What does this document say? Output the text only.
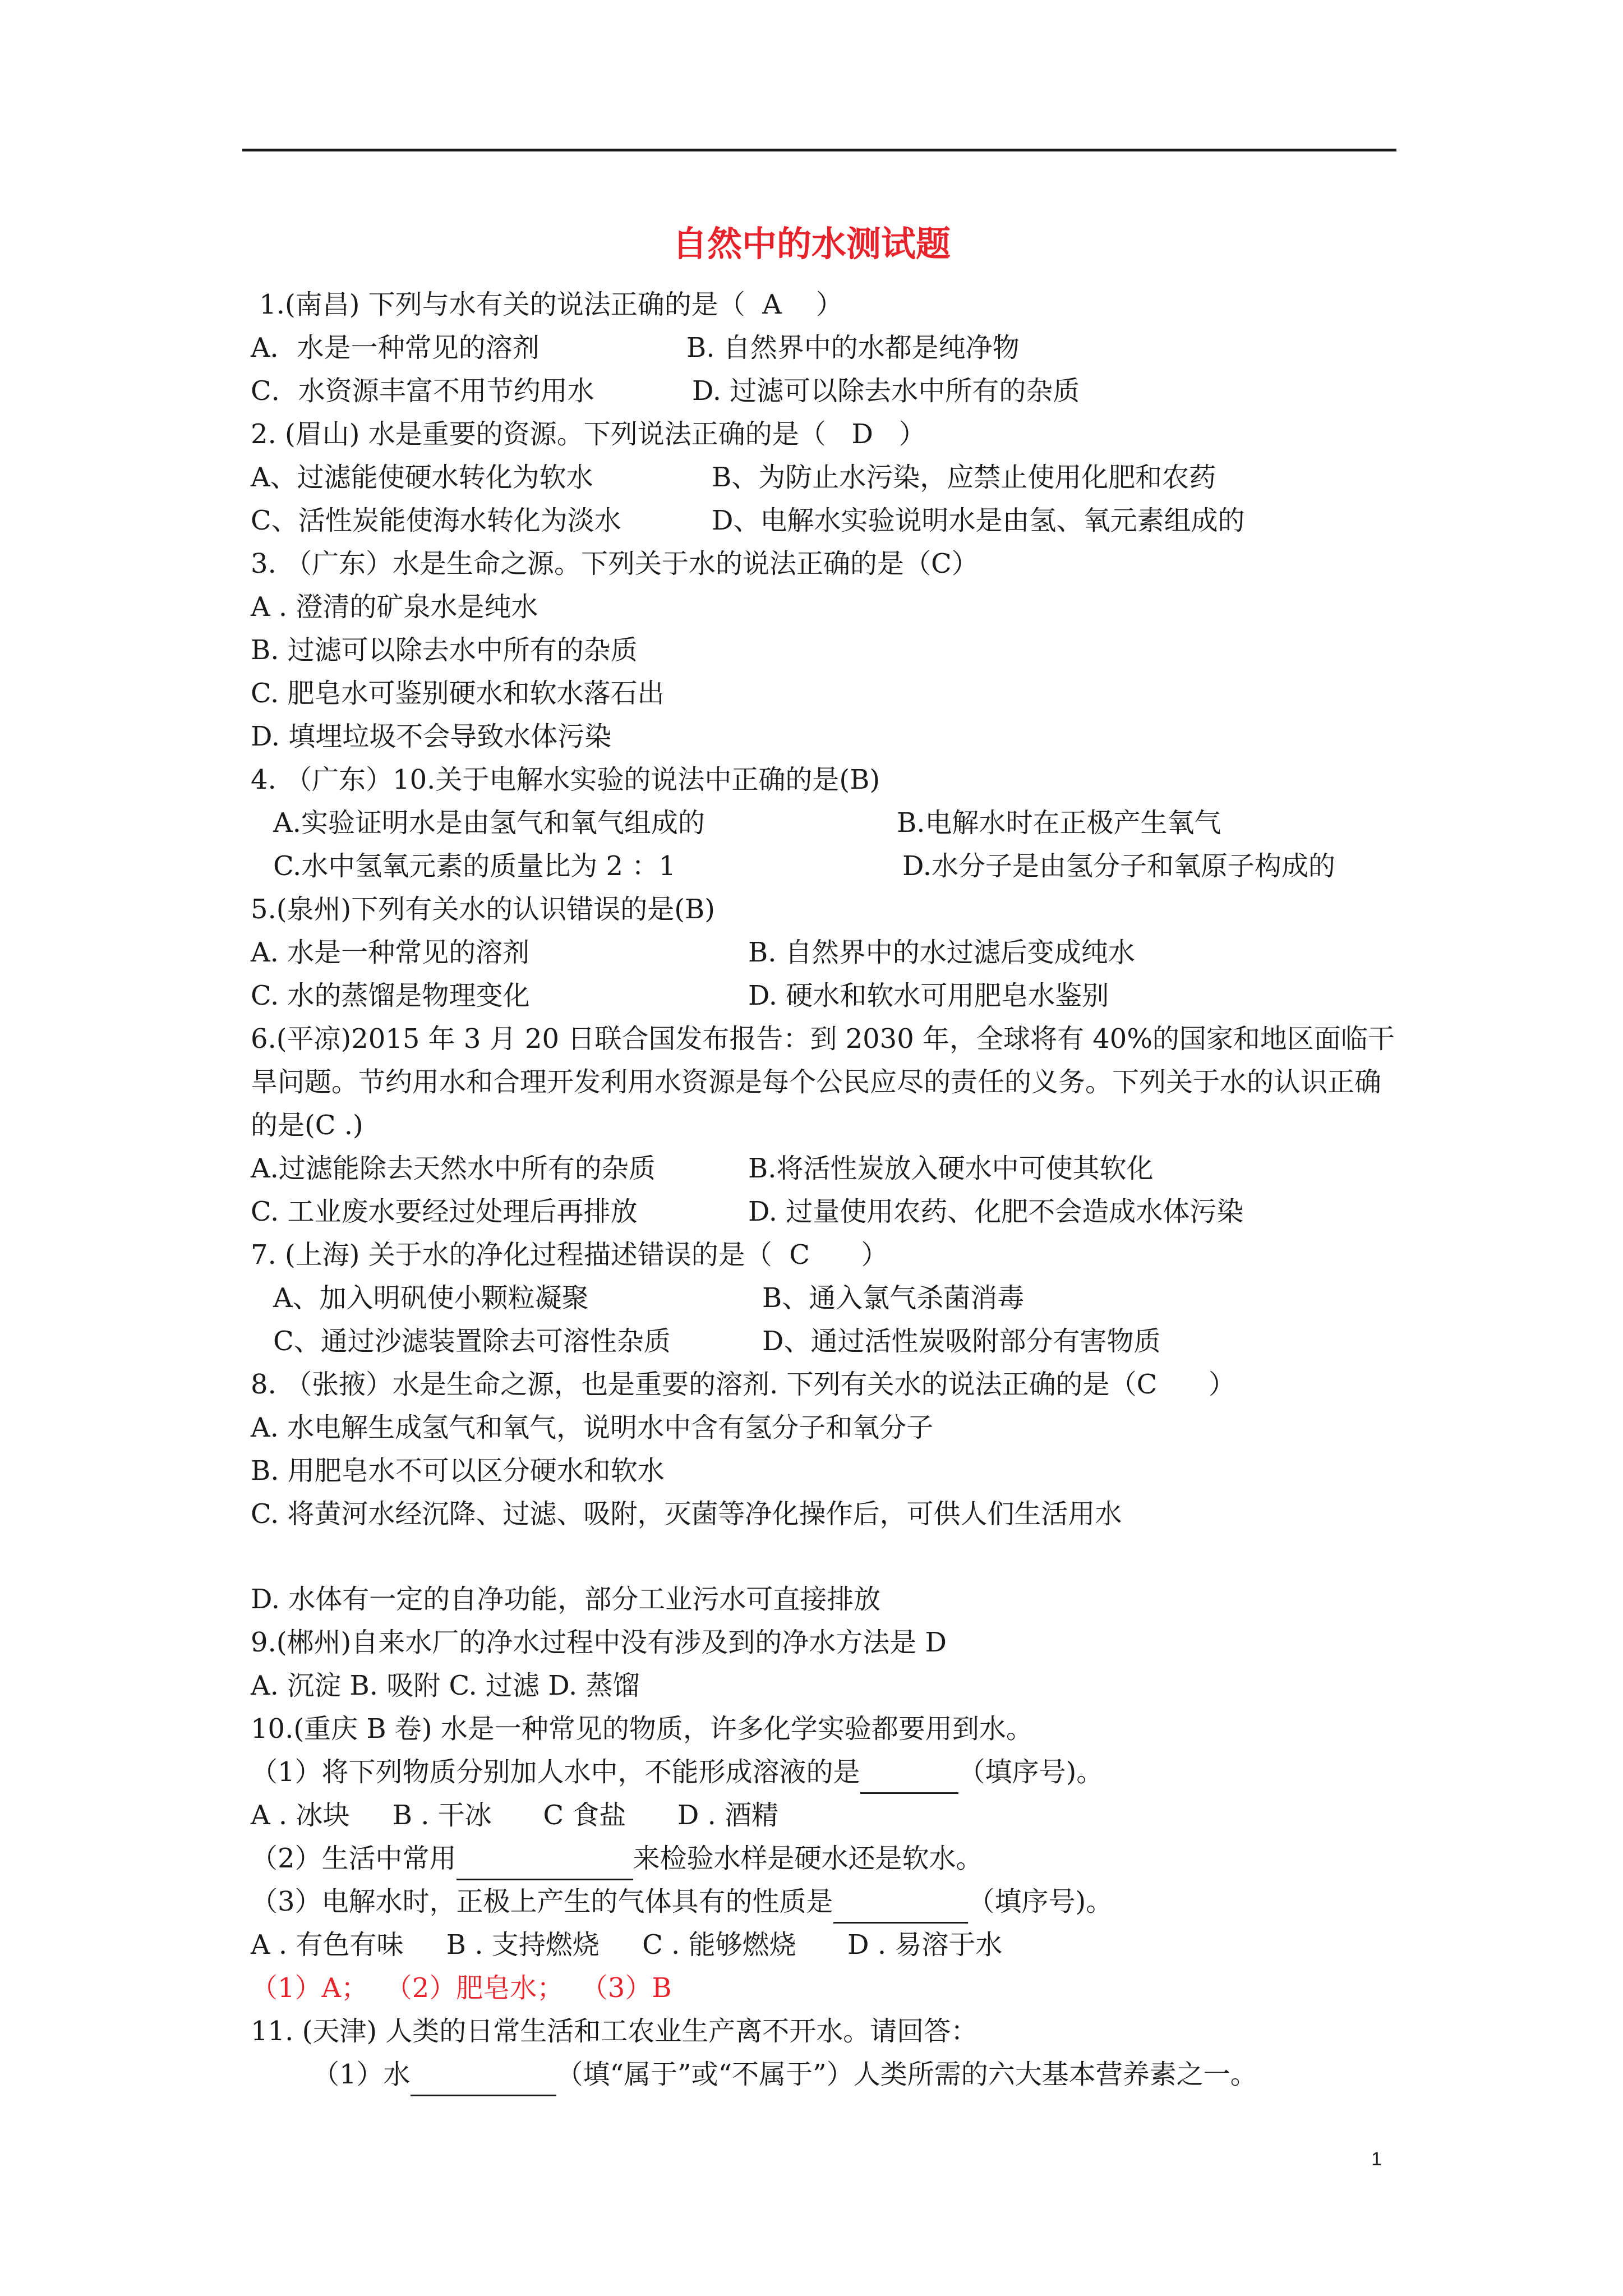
自然中的水测试题
1.(南昌) 下列与水有关的说法正确的是（  A    ）
A．水是一种常见的溶剂	B. 自然界中的水都是纯净物
C．水资源丰富不用节约用水	D. 过滤可以除去水中所有的杂质
2. (眉山) 水是重要的资源。下列说法正确的是（   D   ）
A、过滤能使硬水转化为软水	B、为防止水污染，应禁止使用化肥和农药
C、活性炭能使海水转化为淡水	D、电解水实验说明水是由氢、氧元素组成的
3. （广东）水是生命之源。下列关于水的说法正确的是（C）
A . 澄清的矿泉水是纯水
B. 过滤可以除去水中所有的杂质
C. 肥皂水可鉴别硬水和软水落石出
D. 填埋垃圾不会导致水体污染
4. （广东）10.关于电解水实验的说法中正确的是(B)
A.实验证明水是由氢气和氧气组成的	B.电解水时在正极产生氧气
C.水中氢氧元素的质量比为 2 ：1	D.水分子是由氢分子和氧原子构成的
5.(泉州)下列有关水的认识错误的是(B)
A. 水是一种常见的溶剂	B. 自然界中的水过滤后变成纯水
C. 水的蒸馏是物理变化	D. 硬水和软水可用肥皂水鉴别
6.(平凉)2015 年 3 月 20 日联合国发布报告：到 2030 年，全球将有 40%的国家和地区面临干旱问题。节约用水和合理开发利用水资源是每个公民应尽的责任的义务。下列关于水的认识正确的是(C .)
A.过滤能除去天然水中所有的杂质	B.将活性炭放入硬水中可使其软化
C. 工业废水要经过处理后再排放	D. 过量使用农药、化肥不会造成水体污染
7. (上海) 关于水的净化过程描述错误的是（  C      ）
A、加入明矾使小颗粒凝聚	B、通入氯气杀菌消毒
C、通过沙滤装置除去可溶性杂质	D、通过活性炭吸附部分有害物质
8. （张掖）水是生命之源，也是重要的溶剂. 下列有关水的说法正确的是（C      ）
A. 水电解生成氢气和氧气，说明水中含有氢分子和氧分子
B. 用肥皂水不可以区分硬水和软水
C. 将黄河水经沉降、过滤、吸附，灭菌等净化操作后，可供人们生活用水
D. 水体有一定的自净功能，部分工业污水可直接排放
9.(郴州)自来水厂的净水过程中没有涉及到的净水方法是 D
A. 沉淀 B. 吸附 C. 过滤 D. 蒸馏
10.(重庆 B 卷) 水是一种常见的物质，许多化学实验都要用到水。
（1）将下列物质分别加人水中，不能形成溶液的是	（填序号)。
A . 冰块     B . 干冰      C 食盐      D . 酒精
（2）生活中常用	来检验水样是硬水还是软水。
（3）电解水时，正极上产生的气体具有的性质是	（填序号)。
A . 有色有味     B . 支持燃烧     C . 能够燃烧      D . 易溶于水
（1）A；  （2）肥皂水；  （3）B
11. (天津) 人类的日常生活和工农业生产离不开水。请回答：
（1）水	（填“属于”或“不属于”）人类所需的六大基本营养素之一。
1
